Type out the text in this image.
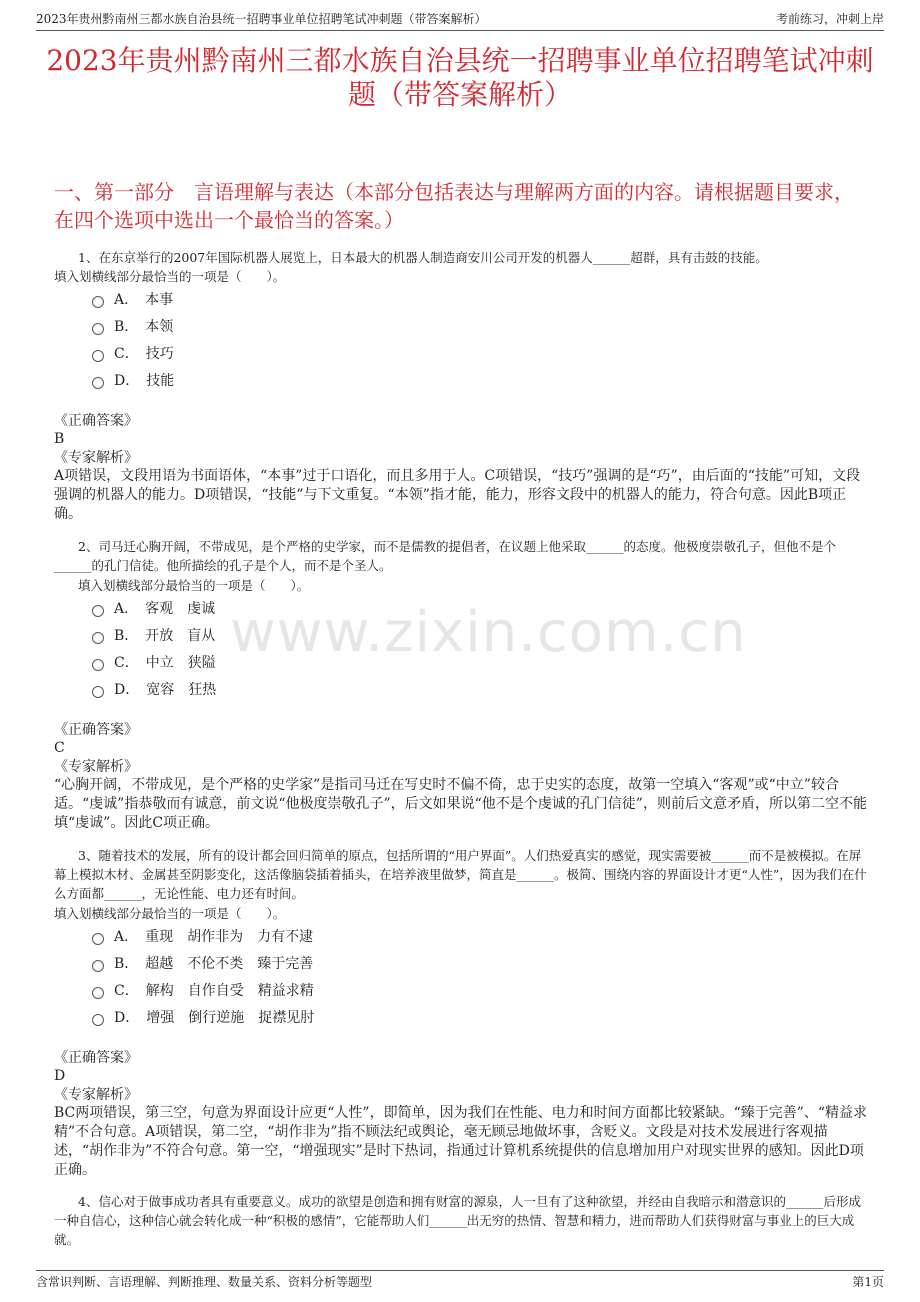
2023年贵州黔南州三都水族自治县统一招聘事业单位招聘笔试冲刺题（带答案解析）	考前练习，冲刺上岸
2023年贵州黔南州三都水族自治县统一招聘事业单位招聘笔试冲刺题（带答案解析）
一、第一部分　言语理解与表达（本部分包括表达与理解两方面的内容。请根据题目要求，在四个选项中选出一个最恰当的答案。）
www.zixin.com.cn
1、在东京举行的2007年国际机器人展览上，日本最大的机器人制造商安川公司开发的机器人______超群，具有击鼓的技能。
填入划横线部分最恰当的一项是（　　）。
A．　本事
B．　本领
C．　技巧
D．　技能
《正确答案》
B
《专家解析》
A项错误，文段用语为书面语体，“本事”过于口语化，而且多用于人。C项错误，“技巧”强调的是“巧”，由后面的“技能”可知，文段强调的机器人的能力。D项错误，“技能”与下文重复。“本领”指才能，能力，形容文段中的机器人的能力，符合句意。因此B项正确。
2、司马迁心胸开阔，不带成见，是个严格的史学家，而不是儒教的提倡者，在议题上他采取______的态度。他极度崇敬孔子，但他不是个______的孔门信徒。他所描绘的孔子是个人，而不是个圣人。
填入划横线部分最恰当的一项是（　　）。
A．　客观　虔诚
B．　开放　盲从
C．　中立　狭隘
D．　宽容　狂热
《正确答案》
C
《专家解析》
“心胸开阔，不带成见，是个严格的史学家”是指司马迁在写史时不偏不倚，忠于史实的态度，故第一空填入“客观”或“中立”较合适。“虔诚”指恭敬而有诚意，前文说“他极度崇敬孔子”，后文如果说“他不是个虔诚的孔门信徒”，则前后文意矛盾，所以第二空不能填“虔诚”。因此C项正确。
3、随着技术的发展，所有的设计都会回归简单的原点，包括所谓的“用户界面”。人们热爱真实的感觉，现实需要被______而不是被模拟。在屏幕上模拟木材、金属甚至阴影变化，这活像脑袋插着插头，在培养液里做梦，简直是______。极简、围绕内容的界面设计才更“人性”，因为我们在什么方面都______，无论性能、电力还有时间。
填入划横线部分最恰当的一项是（　　）。
A．　重现　胡作非为　力有不逮
B．　超越　不伦不类　臻于完善
C．　解构　自作自受　精益求精
D．　增强　倒行逆施　捉襟见肘
《正确答案》
D
《专家解析》
BC两项错误，第三空，句意为界面设计应更“人性”，即简单，因为我们在性能、电力和时间方面都比较紧缺。“臻于完善”、“精益求精”不合句意。A项错误，第二空，“胡作非为”指不顾法纪或舆论，毫无顾忌地做坏事，含贬义。文段是对技术发展进行客观描述，“胡作非为”不符合句意。第一空，“增强现实”是时下热词，指通过计算机系统提供的信息增加用户对现实世界的感知。因此D项正确。
4、信心对于做事成功者具有重要意义。成功的欲望是创造和拥有财富的源泉，人一旦有了这种欲望，并经由自我暗示和潜意识的______后形成一种自信心，这种信心就会转化成一种“积极的感情”，它能帮助人们______出无穷的热情、智慧和精力，进而帮助人们获得财富与事业上的巨大成就。
含常识判断、言语理解、判断推理、数量关系、资料分析等题型	第1页
